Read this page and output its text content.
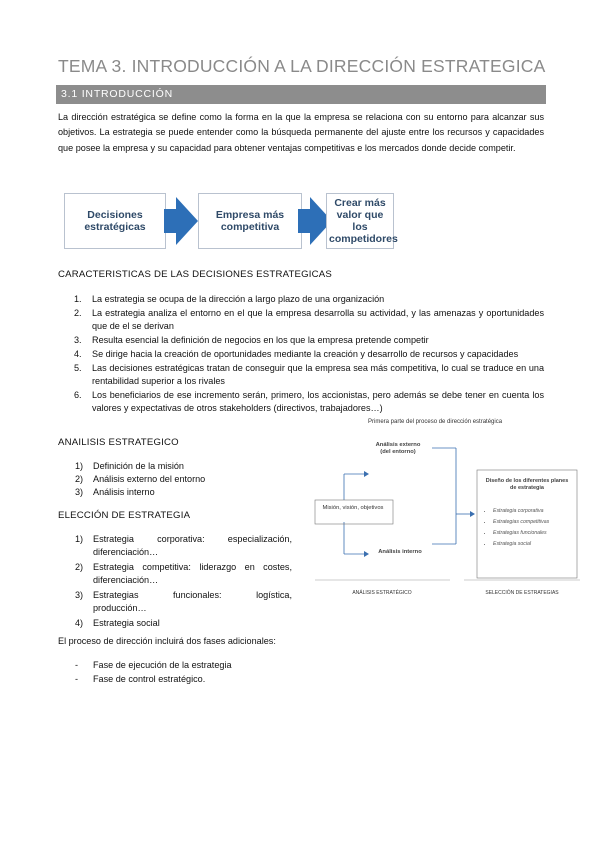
TEMA 3. INTRODUCCIÓN A LA DIRECCIÓN ESTRATEGICA
3.1 INTRODUCCIÓN
La dirección estratégica se define como la forma en la que la empresa se relaciona con su entorno para alcanzar sus objetivos. La estrategia se puede entender como la búsqueda permanente del ajuste entre los recursos y capacidades que posee la empresa y su capacidad para obtener ventajas competitivas e los mercados donde decide competir.
Decisiones estratégicas
Empresa más competitiva
Crear más valor que los competidores
CARACTERISTICAS DE LAS DECISIONES ESTRATEGICAS
1. La estrategia se ocupa de la dirección a largo plazo de una organización
2. La estrategia analiza el entorno en el que la empresa desarrolla su actividad, y las amenazas y oportunidades que de el se derivan
3. Resulta esencial la definición de negocios en los que la empresa pretende competir
4. Se dirige hacia la creación de oportunidades mediante la creación y desarrollo de recursos y capacidades
5. Las decisiones estratégicas tratan de conseguir que la empresa sea más competitiva, lo cual se traduce en una rentabilidad superior a los rivales
6. Los beneficiarios de ese incremento serán, primero, los accionistas, pero además se debe tener en cuenta los valores y expectativas de otros stakeholders (directivos, trabajadores…)
ANAILISIS ESTRATEGICO
1) Definición de la misión
2) Análisis externo del entorno
3) Análisis interno
ELECCIÓN DE ESTRATEGIA
1) Estrategia corporativa: especialización,
diferenciación…
2) Estrategia competitiva: liderazgo en costes,
diferenciación…
3) Estrategias funcionales: logística,
producción…
4) Estrategia social
El proceso de dirección incluirá dos fases adicionales:
- Fase de ejecución de la estrategia
- Fase de control estratégico.
Primera parte del proceso de dirección estratégica
Análisis externo (del entorno)
Misión, visión, objetivos
Análisis interno
Diseño de los diferentes planes de estrategia
• Estrategia corporativa
• Estrategias competitivas
• Estrategias funcionales
• Estrategia social
ANÁLISIS ESTRATÉGICO	SELECCIÓN DE ESTRATEGIAS
